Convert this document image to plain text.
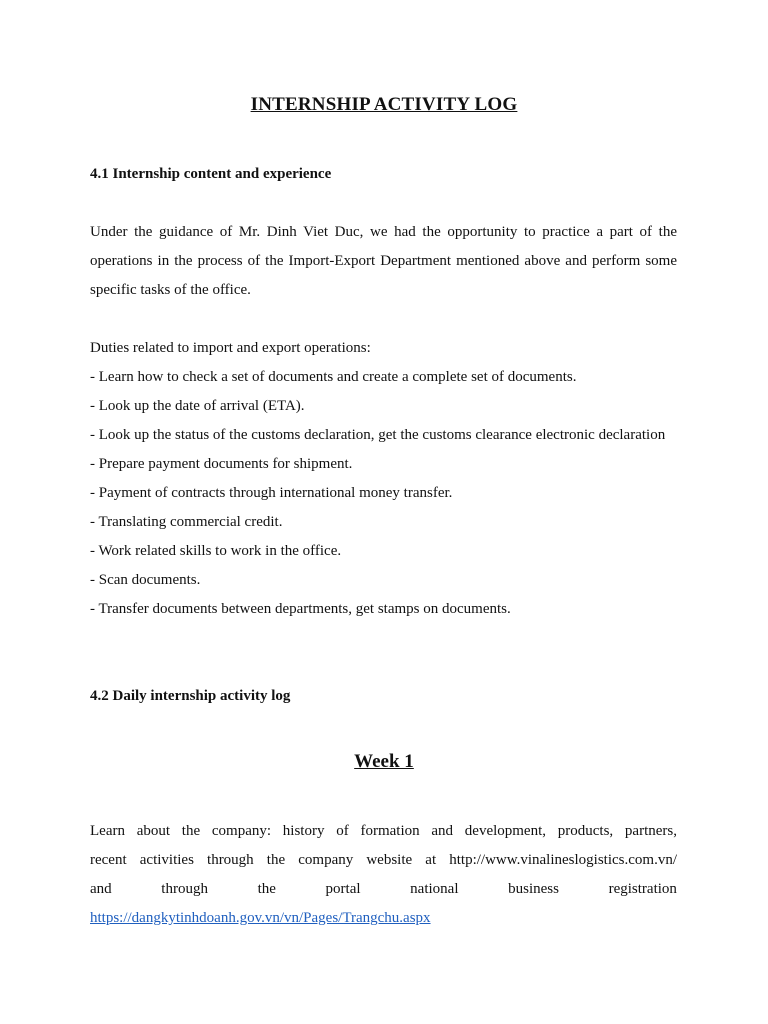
INTERNSHIP ACTIVITY LOG
4.1 Internship content and experience

Under the guidance of Mr. Dinh Viet Duc, we had the opportunity to practice a part of the operations in the process of the Import-Export Department mentioned above and perform some specific tasks of the office.

Duties related to import and export operations:
- Learn how to check a set of documents and create a complete set of documents.
- Look up the date of arrival (ETA).
- Look up the status of the customs declaration, get the customs clearance electronic declaration
- Prepare payment documents for shipment.
- Payment of contracts through international money transfer.
- Translating commercial credit.
- Work related skills to work in the office.
- Scan documents.
- Transfer documents between departments, get stamps on documents.
4.2 Daily internship activity log
Week 1
Learn about the company: history of formation and development, products, partners,
recent activities through the company website at http://www.vinalineslogistics.com.vn/
and	through	the	portal	national	business	registration
https://dangkytinhdoanh.gov.vn/vn/Pages/Trangchu.aspx
